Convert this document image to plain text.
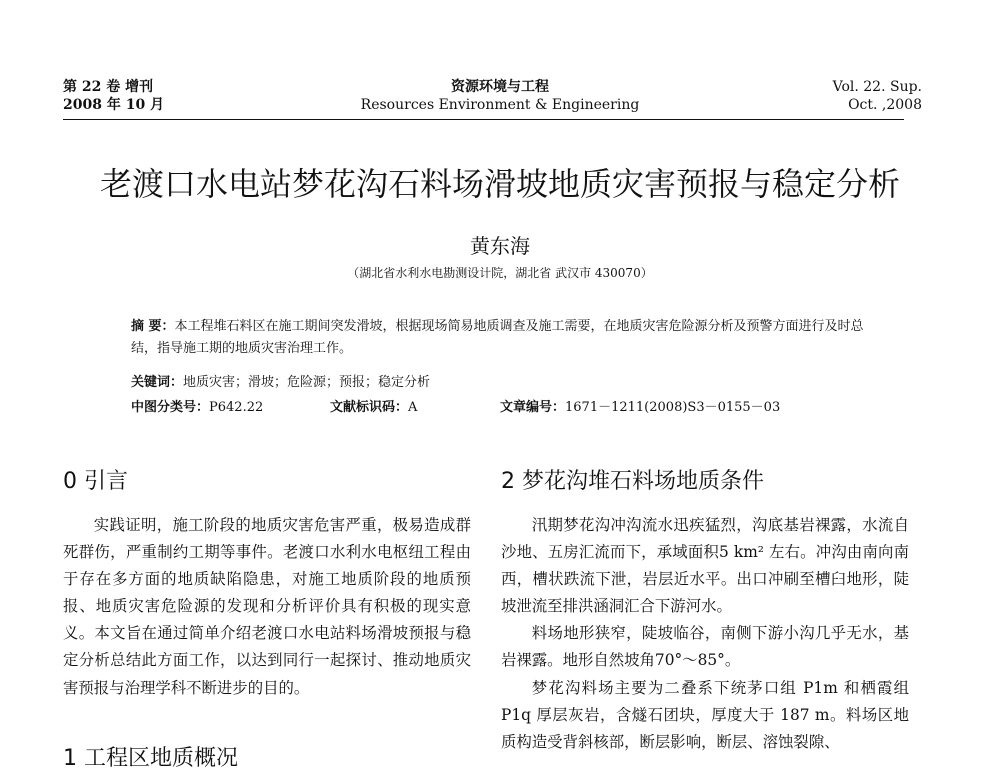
第 22 卷 增刊
2008 年 10 月
资源环境与工程
Resources Environment & Engineering
Vol. 22. Sup.
Oct. ,2008
老渡口水电站梦花沟石料场滑坡地质灾害预报与稳定分析
黄东海
（湖北省水利水电勘测设计院，湖北省 武汉市 430070）
摘 要：本工程堆石料区在施工期间突发滑坡，根据现场简易地质调查及施工需要，在地质灾害危险源分析及预警方面进行及时总结，指导施工期的地质灾害治理工作。
关键词：地质灾害；滑坡；危险源；预报；稳定分析
中图分类号：P642.22	文献标识码：A	文章编号：1671－1211(2008)S3－0155－03
0 引言

实践证明，施工阶段的地质灾害危害严重，极易造成群死群伤，严重制约工期等事件。老渡口水利水电枢纽工程由于存在多方面的地质缺陷隐患，对施工地质阶段的地质预报、地质灾害危险源的发现和分析评价具有积极的现实意义。本文旨在通过简单介绍老渡口水电站料场滑坡预报与稳定分析总结此方面工作，以达到同行一起探讨、推动地质灾害预报与治理学科不断进步的目的。

1 工程区地质概况
2 梦花沟堆石料场地质条件

汛期梦花沟冲沟流水迅疾猛烈，沟底基岩裸露，水流自沙地、五房汇流而下，承域面积5 km² 左右。冲沟由南向南西，槽状跌流下泄，岩层近水平。出口冲刷至槽臼地形，陡坡泄流至排洪涵洞汇合下游河水。

料场地形狭窄，陡坡临谷，南侧下游小沟几乎无水，基岩裸露。地形自然坡角70°～85°。

梦花沟料场主要为二叠系下统茅口组 P1m 和栖霞组 P1q 厚层灰岩，含燧石团块，厚度大于 187 m。料场区地质构造受背斜核部，断层影响，断层、溶蚀裂隙、
